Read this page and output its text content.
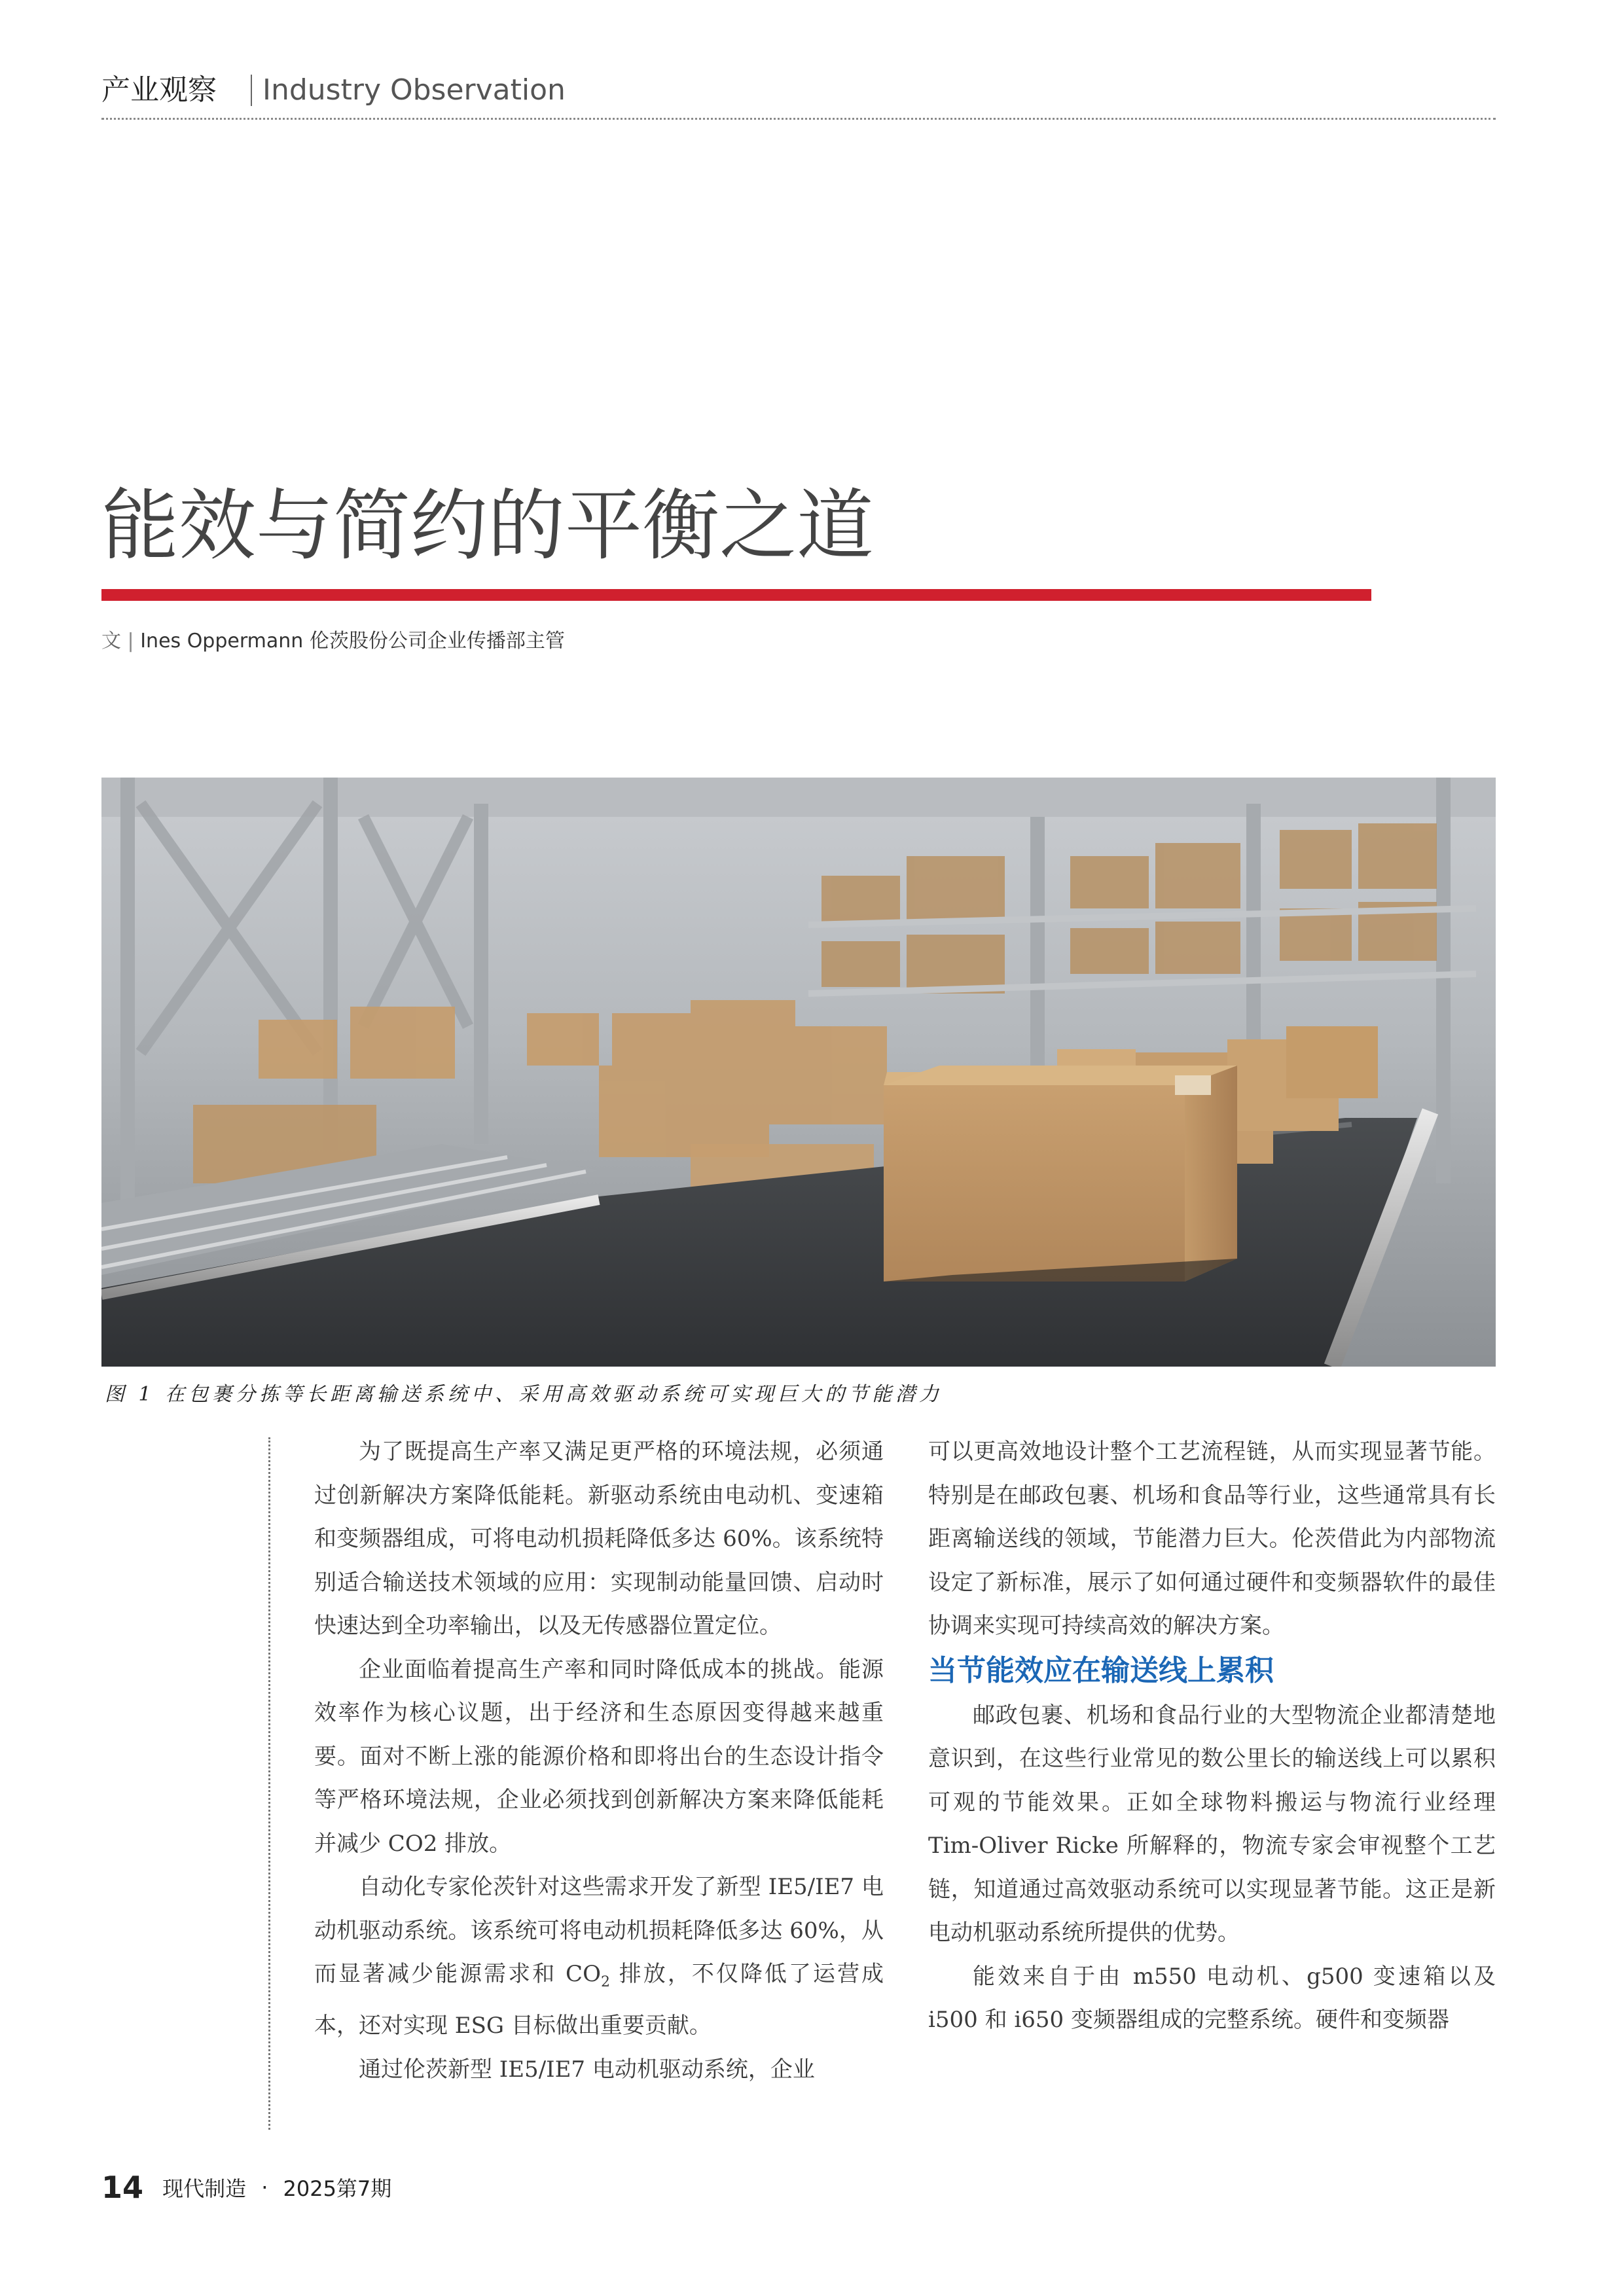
产业观察 Industry Observation
能效与简约的平衡之道
文 | Ines Oppermann 伦茨股份公司企业传播部主管
图 1 在包裹分拣等长距离输送系统中、采用高效驱动系统可实现巨大的节能潜力

为了既提高生产率又满足更严格的环境法规，必须通过创新解决方案降低能耗。新驱动系统由电动机、变速箱和变频器组成，可将电动机损耗降低多达 60%。该系统特别适合输送技术领域的应用：实现制动能量回馈、启动时快速达到全功率输出，以及无传感器位置定位。

企业面临着提高生产率和同时降低成本的挑战。能源效率作为核心议题，出于经济和生态原因变得越来越重要。面对不断上涨的能源价格和即将出台的生态设计指令等严格环境法规，企业必须找到创新解决方案来降低能耗并减少 CO2 排放。

自动化专家伦茨针对这些需求开发了新型 IE5/IE7 电动机驱动系统。该系统可将电动机损耗降低多达 60%，从而显著减少能源需求和 $CO_2$ 排放，不仅降低了运营成本，还对实现 ESG 目标做出重要贡献。

通过伦茨新型 IE5/IE7 电动机驱动系统，企业

可以更高效地设计整个工艺流程链，从而实现显著节能。特别是在邮政包裹、机场和食品等行业，这些通常具有长距离输送线的领域，节能潜力巨大。伦茨借此为内部物流设定了新标准，展示了如何通过硬件和变频器软件的最佳协调来实现可持续高效的解决方案。

当节能效应在输送线上累积

邮政包裹、机场和食品行业的大型物流企业都清楚地意识到，在这些行业常见的数公里长的输送线上可以累积可观的节能效果。正如全球物料搬运与物流行业经理 Tim-Oliver Ricke 所解释的，物流专家会审视整个工艺链，知道通过高效驱动系统可以实现显著节能。这正是新电动机驱动系统所提供的优势。

能效来自于由 m550 电动机、g500 变速箱以及 i500 和 i650 变频器组成的完整系统。硬件和变频器

14 现代制造 · 2025第7期
